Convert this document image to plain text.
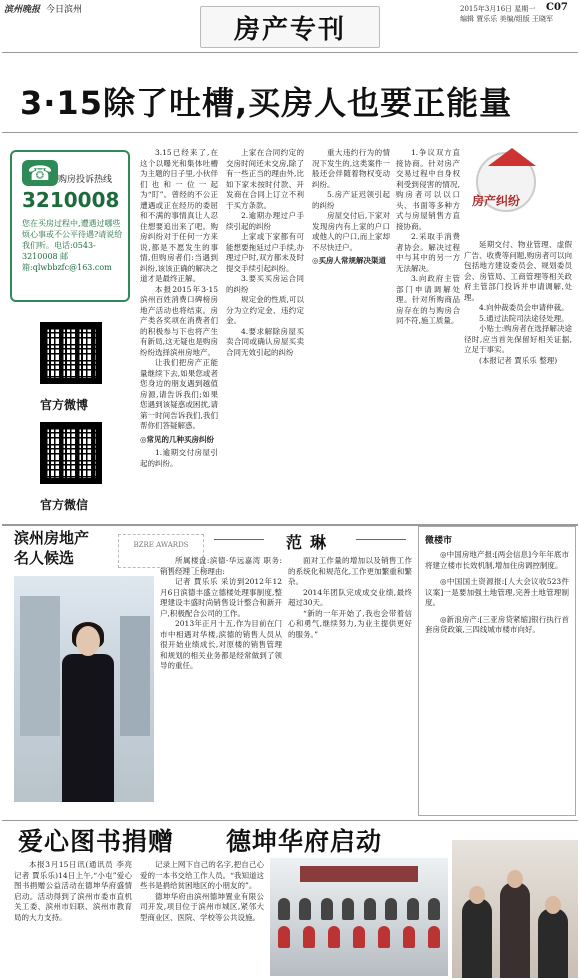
滨州晚报 今日滨州
房产专刊
2015年3月16日 星期一
编辑 賈乐乐 美编/组版 王晓军
C07
3·15除了吐槽,买房人也要正能量
☎ 购房投诉热线
3210008
您在买房过程中,遭遇过哪些烦心事或不公平待遇?请说给我们听。电话:0543-3210008 邮箱:qlwbbzfc@163.com
官方微博
官方微信

3.15已经来了,在这个以曝光和集体吐槽为主题的日子里,小伙伴们也和一位一起为“盯”。曾经的不公正遭遇或正在经历的委屈和不满的事情真让人忍住想要追出来了吧。购房纠纷对于任何一方来说,都是不愿发生的事情,但购房者们:当遇到纠纷,该该正确的解决之道才是最终正解。

本报2015年3·15滨州百姓消费口碑榜房地产活动也将结束。房产类各奖项在消费者们的积极参与下也将产生有新局,这无疑也是购房纷纷选择滨州房地产。

让我们把房产正能量继续下去,如果您或者您身边的朋友遇到越值房源,请告诉我们;如果您遇到该疑惑或困扰,请第一时间告诉我们,我们帮你们答疑解惑。

◎常见的几种买房纠纷

1.逾期交付房屋引起的纠纷。

上家在合同约定的交房时间还未交房,除了有一些正当的理由外,比如下家未按时付款、开发商在合同上订立不利于买方条款。

2.逾期办理过户手续引起的纠纷

上家或下家都有可能想要拖延过户手续,办理过户时,双方都未及时提交手续引起纠纷。

3.要买买房运合同的纠纷

规定金的性质,可以分为立约定金、违约定金。

4.要求解除房屋买卖合同或确认房屋买卖合同无效引起的纠纷

重大违约行为的情况下发生的,这类案件一般还会伴随着物权变动纠纷。

5.房产证迟领引起的纠纷

房屋交付后,下家对发现房内有上家的户口或他人的户口,而上家却不尽快迁户。

◎买房人常规解决渠道

1.争议双方直接协商。针对房产交易过程中自身权利受到侵害的情况,购房者可以以口头、书面等多种方式与房屋销售方直接协商。

2.采取手消费者协会。解决过程中与其中的另一方无法解决。

3.向政府主管部门申请调解处理。针对所购商品房存在的与购房合同不符,施工质量。

房产纠纷

延期交付、物业管理、虚假广告、收费等问题,购房者可以向包括地方建设委员会、规划委员会、房管局、工商管理等相关政府主管部门投诉并申请调解,处理。

4.向仲裁委员会申请仲裁。

5.通过法院司法途径处理。

小贴士:购房者在选择解决途径时,应当首先保留好相关证据,立足于事实。

(本报记者 賈乐乐 整理)

滨州房地产
名人候选
BZRE AWARDS	范琳

所属楼盘:滨德·华远嘉湾 职务:销售经理 上榜理由:

记者 賈乐乐 采访到2012年12月6日滨德丰盛立德楼处理事制度,整理建设丰盛时尚销售设计整合和新开户,积极配合公司的工作。

2013年正月十五,作为目前在门市中相遇对华楼,滨德的销售人员从很开始业绩成长,对原楼的销售管理和规划的相关业务都是经常做到了领导的重任。

面对工作量的增加以及销售工作的系统化和规范化,工作更加繁重和繁杂。

2014年团队完成成交业绩,最终超过30天。

“新的一年开始了,我也会带着信心和勇气,继续努力,为业主提供更好的服务。”

微楼市

◎中国房地产报:[两会信息]今年年底市将建立楼市长效机制,增加住房调控制度。

◎中国国土资源报:[人大会议收523件议案]一是要加强土地管理,完善土地管理制度。

◎新浪房产:[三亚房贷紧缩]银行执行首套房贷政策,三四线城市楼市向好。

爱心图书捐赠 德坤华府启动

本报3月15日讯(通讯员 李亮 记者 賈乐乐)14日上午,“小屯”爱心图书捐赠公益活动在德坤华府盛情启动。活动得到了滨州市委市直机关工委、滨州市妇联、滨州市教育局的大力支持。

记录上网下自己的名字,把自己心爱的一本书交给工作人员。“我知道这些书是捐给贫困地区的小朋友的”。

德坤华府由滨州德坤置业有限公司开发,项目位于滨州市城区,紧邻大型商业区、医院、学校等公共设施。
